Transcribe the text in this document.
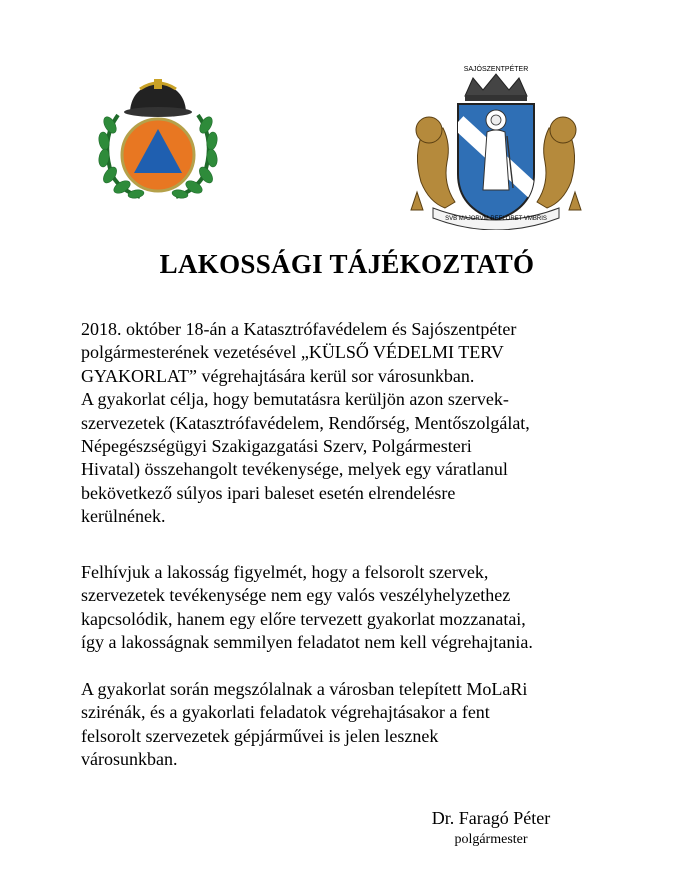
SAJÓSZENTPÉTER
SVB MAJORVM REFLORET VMBRIS
LAKOSSÁGI TÁJÉKOZTATÓ
2018. október 18-án a Katasztrófavédelem és Sajószentpéter
polgármesterének vezetésével „KÜLSŐ VÉDELMI TERV
GYAKORLAT” végrehajtására kerül sor városunkban.
A gyakorlat célja, hogy bemutatásra kerüljön azon szervek-
szervezetek (Katasztrófavédelem, Rendőrség, Mentőszolgálat,
Népegészségügyi Szakigazgatási Szerv, Polgármesteri
Hivatal) összehangolt tevékenysége, melyek egy váratlanul
bekövetkező súlyos ipari baleset esetén elrendelésre
kerülnének.
Felhívjuk a lakosság figyelmét, hogy a felsorolt szervek,
szervezetek tevékenysége nem egy valós veszélyhelyzethez
kapcsolódik, hanem egy előre tervezett gyakorlat mozzanatai,
így a lakosságnak semmilyen feladatot nem kell végrehajtania.
A gyakorlat során megszólalnak a városban telepített MoLaRi
szirénák, és a gyakorlati feladatok végrehajtásakor a fent
felsorolt szervezetek gépjárművei is jelen lesznek
városunkban.

Dr. Faragó Péter

polgármester
